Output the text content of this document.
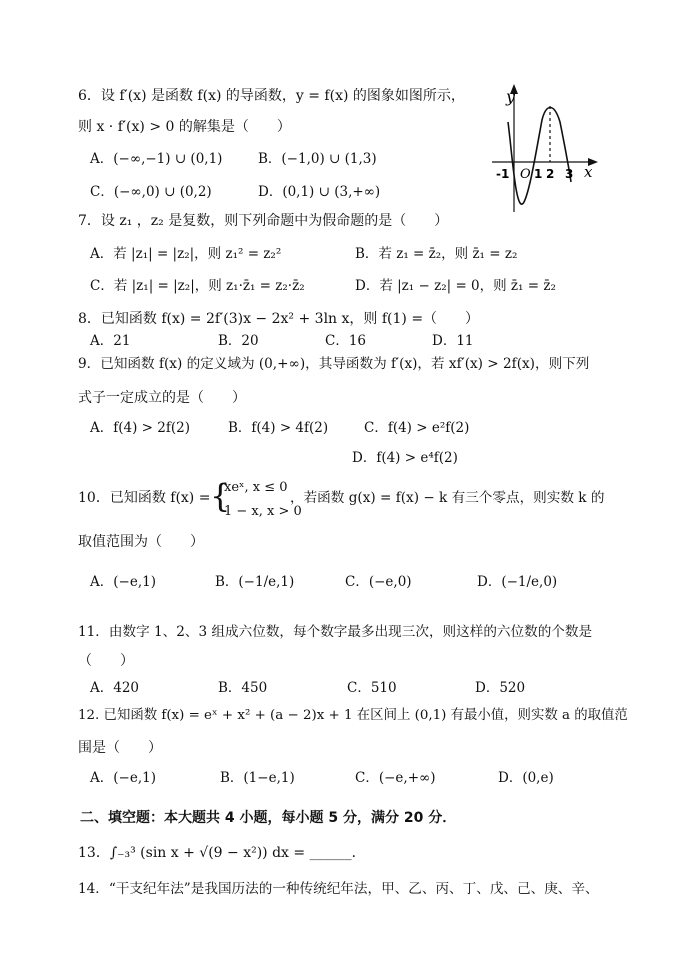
6．设 f′(x) 是函数 f(x) 的导函数，y = f(x) 的图象如图所示，
则 x · f′(x) > 0 的解集是（　　）
A．(−∞,−1) ∪ (0,1)	B．(−1,0) ∪ (1,3)
C．(−∞,0) ∪ (0,2)	D．(0,1) ∪ (3,+∞)
y
x
-1 O 1 2 3
7．设 z₁ ，z₂ 是复数，则下列命题中为假命题的是（　　）
A．若 |z₁| = |z₂|，则 z₁² = z₂²	B．若 z₁ = z̄₂，则 z̄₁ = z₂
C．若 |z₁| = |z₂|，则 z₁·z̄₁ = z₂·z̄₂	D．若 |z₁ − z₂| = 0，则 z̄₁ = z̄₂
8．已知函数 f(x) = 2f′(3)x − 2x² + 3ln x，则 f(1) =（　　）
A．21	B．20	C．16	D．11
9．已知函数 f(x) 的定义域为 (0,+∞)，其导函数为 f′(x)，若 xf′(x) > 2f(x)，则下列
式子一定成立的是（　　）
A．f(4) > 2f(2)	B．f(4) > 4f(2)	C．f(4) > e²f(2)
D．f(4) > e⁴f(2)
10．已知函数 f(x) = {
xeˣ, x ≤ 0
1 − x, x > 0
，若函数 g(x) = f(x) − k 有三个零点，则实数 k 的
取值范围为（　　）
A．(−e,1)	B．(−1/e,1)	C．(−e,0)	D．(−1/e,0)
11．由数字 1、2、3 组成六位数，每个数字最多出现三次，则这样的六位数的个数是
（　　）
A．420	B．450	C．510	D．520
12. 已知函数 f(x) = eˣ + x² + (a − 2)x + 1 在区间上 (0,1) 有最小值，则实数 a 的取值范
围是（　　）
A．(−e,1)	B．(1−e,1)	C．(−e,+∞)	D．(0,e)
二、填空题：本大题共 4 小题，每小题 5 分，满分 20 分．
13．∫₋₃³ (sin x + √(9 − x²)) dx = ______．
14．“干支纪年法”是我国历法的一种传统纪年法，甲、乙、丙、丁、戊、己、庚、辛、
